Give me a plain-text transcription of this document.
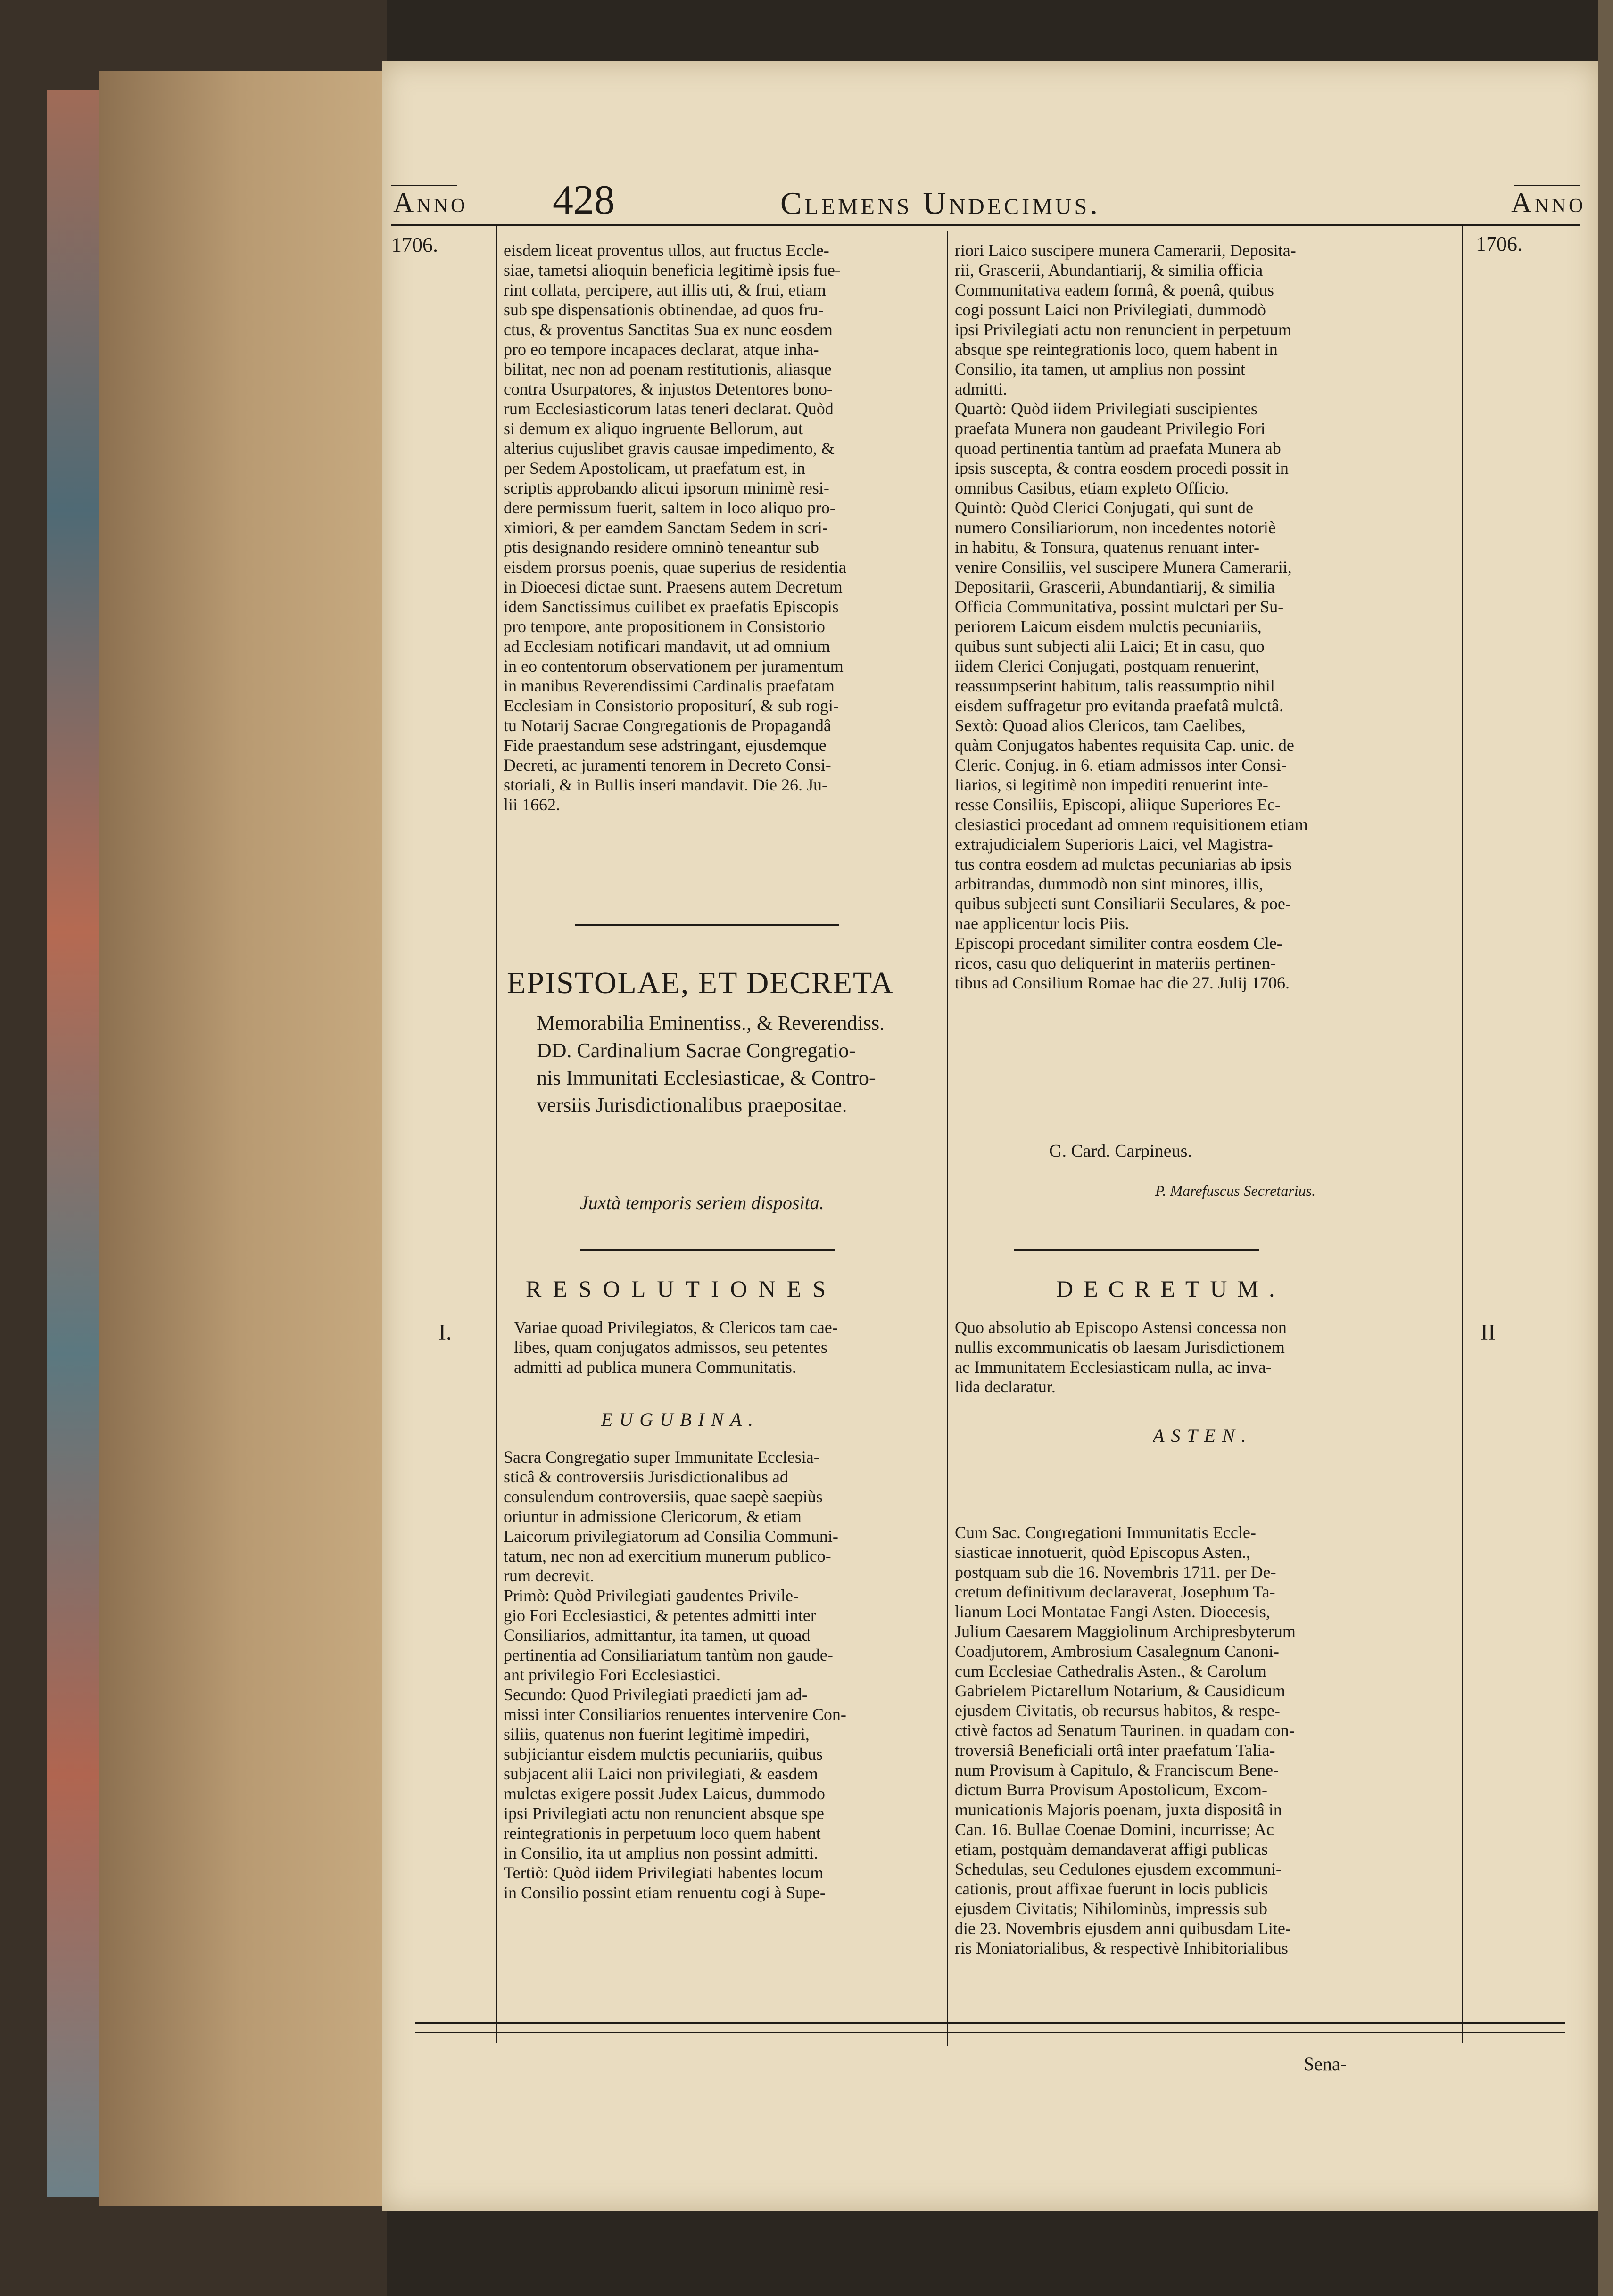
Anno 428	Clemens Undecimus.	Anno
1706.	1706.
eisdem liceat proventus ullos, aut fructus Eccle-
siae, tametsi alioquin beneficia legitimè ipsis fue-
rint collata, percipere, aut illis uti, & frui, etiam
sub spe dispensationis obtinendae, ad quos fru-
ctus, & proventus Sanctitas Sua ex nunc eosdem
pro eo tempore incapaces declarat, atque inha-
bilitat, nec non ad poenam restitutionis, aliasque
contra Usurpatores, & injustos Detentores bono-
rum Ecclesiasticorum latas teneri declarat. Quòd
si demum ex aliquo ingruente Bellorum, aut
alterius cujuslibet gravis causae impedimento, &
per Sedem Apostolicam, ut praefatum est, in
scriptis approbando alicui ipsorum minimè resi-
dere permissum fuerit, saltem in loco aliquo pro-
ximiori, & per eamdem Sanctam Sedem in scri-
ptis designando residere omninò teneantur sub
eisdem prorsus poenis, quae superius de residentia
in Dioecesi dictae sunt. Praesens autem Decretum
idem Sanctissimus cuilibet ex praefatis Episcopis
pro tempore, ante propositionem in Consistorio
ad Ecclesiam notificari mandavit, ut ad omnium
in eo contentorum observationem per juramentum
in manibus Reverendissimi Cardinalis praefatam
Ecclesiam in Consistorio propositurí, & sub rogi-
tu Notarij Sacrae Congregationis de Propagandâ
Fide praestandum sese adstringant, ejusdemque
Decreti, ac juramenti tenorem in Decreto Consi-
storiali, & in Bullis inseri mandavit. Die 26. Ju-
lii 1662.
EPISTOLAE, ET DECRETA
Memorabilia Eminentiss., & Reverendiss.
DD. Cardinalium Sacrae Congregatio-
nis Immunitati Ecclesiasticae, & Contro-
versiis Jurisdictionalibus praepositae.
Juxtà temporis seriem disposita.
RESOLUTIONES
I.	Variae quoad Privilegiatos, & Clericos tam cae-
libes, quam conjugatos admissos, seu petentes
admitti ad publica munera Communitatis.
EUGUBINA.
Sacra Congregatio super Immunitate Ecclesia-
sticâ & controversiis Jurisdictionalibus ad
consulendum controversiis, quae saepè saepiùs
oriuntur in admissione Clericorum, & etiam
Laicorum privilegiatorum ad Consilia Communi-
tatum, nec non ad exercitium munerum publico-
rum decrevit.
Primò: Quòd Privilegiati gaudentes Privile-
gio Fori Ecclesiastici, & petentes admitti inter
Consiliarios, admittantur, ita tamen, ut quoad
pertinentia ad Consiliariatum tantùm non gaude-
ant privilegio Fori Ecclesiastici.
Secundo: Quod Privilegiati praedicti jam ad-
missi inter Consiliarios renuentes intervenire Con-
siliis, quatenus non fuerint legitimè impediri,
subjiciantur eisdem mulctis pecuniariis, quibus
subjacent alii Laici non privilegiati, & easdem
mulctas exigere possit Judex Laicus, dummodo
ipsi Privilegiati actu non renuncient absque spe
reintegrationis in perpetuum loco quem habent
in Consilio, ita ut amplius non possint admitti.
Tertiò: Quòd iidem Privilegiati habentes locum
in Consilio possint etiam renuentu cogi à Supe-
riori Laico suscipere munera Camerarii, Deposita-
rii, Grascerii, Abundantiarij, & similia officia
Communitativa eadem formâ, & poenâ, quibus
cogi possunt Laici non Privilegiati, dummodò
ipsi Privilegiati actu non renuncient in perpetuum
absque spe reintegrationis loco, quem habent in
Consilio, ita tamen, ut amplius non possint
admitti.
Quartò: Quòd iidem Privilegiati suscipientes
praefata Munera non gaudeant Privilegio Fori
quoad pertinentia tantùm ad praefata Munera ab
ipsis suscepta, & contra eosdem procedi possit in
omnibus Casibus, etiam expleto Officio.
Quintò: Quòd Clerici Conjugati, qui sunt de
numero Consiliariorum, non incedentes notoriè
in habitu, & Tonsura, quatenus renuant inter-
venire Consiliis, vel suscipere Munera Camerarii,
Depositarii, Grascerii, Abundantiarij, & similia
Officia Communitativa, possint mulctari per Su-
periorem Laicum eisdem mulctis pecuniariis,
quibus sunt subjecti alii Laici; Et in casu, quo
iidem Clerici Conjugati, postquam renuerint,
reassumpserint habitum, talis reassumptio nihil
eisdem suffragetur pro evitanda praefatâ mulctâ.
Sextò: Quoad alios Clericos, tam Caelibes,
quàm Conjugatos habentes requisita Cap. unic. de
Cleric. Conjug. in 6. etiam admissos inter Consi-
liarios, si legitimè non impediti renuerint inte-
resse Consiliis, Episcopi, aliique Superiores Ec-
clesiastici procedant ad omnem requisitionem etiam
extrajudicialem Superioris Laici, vel Magistra-
tus contra eosdem ad mulctas pecuniarias ab ipsis
arbitrandas, dummodò non sint minores, illis,
quibus subjecti sunt Consiliarii Seculares, & poe-
nae applicentur locis Piis.
Episcopi procedant similiter contra eosdem Cle-
ricos, casu quo deliquerint in materiis pertinen-
tibus ad Consilium Romae hac die 27. Julij 1706.
G. Card. Carpineus.
P. Marefuscus Secretarius.
DECRETUM.
II
Quo absolutio ab Episcopo Astensi concessa non
nullis excommunicatis ob laesam Jurisdictionem
ac Immunitatem Ecclesiasticam nulla, ac inva-
lida declaratur.
ASTEN.
Cum Sac. Congregationi Immunitatis Eccle-
siasticae innotuerit, quòd Episcopus Asten.,
postquam sub die 16. Novembris 1711. per De-
cretum definitivum declaraverat, Josephum Ta-
lianum Loci Montatae Fangi Asten. Dioecesis,
Julium Caesarem Maggiolinum Archipresbyterum
Coadjutorem, Ambrosium Casalegnum Canoni-
cum Ecclesiae Cathedralis Asten., & Carolum
Gabrielem Pictarellum Notarium, & Causidicum
ejusdem Civitatis, ob recursus habitos, & respe-
ctivè factos ad Senatum Taurinen. in quadam con-
troversiâ Beneficiali ortâ inter praefatum Talia-
num Provisum à Capitulo, & Franciscum Bene-
dictum Burra Provisum Apostolicum, Excom-
municationis Majoris poenam, juxta dispositâ in
Can. 16. Bullae Coenae Domini, incurrisse; Ac
etiam, postquàm demandaverat affigi publicas
Schedulas, seu Cedulones ejusdem excommuni-
cationis, prout affixae fuerunt in locis publicis
ejusdem Civitatis; Nihilominùs, impressis sub
die 23. Novembris ejusdem anni quibusdam Lite-
ris Moniatorialibus, & respectivè Inhibitorialibus
Sena-
